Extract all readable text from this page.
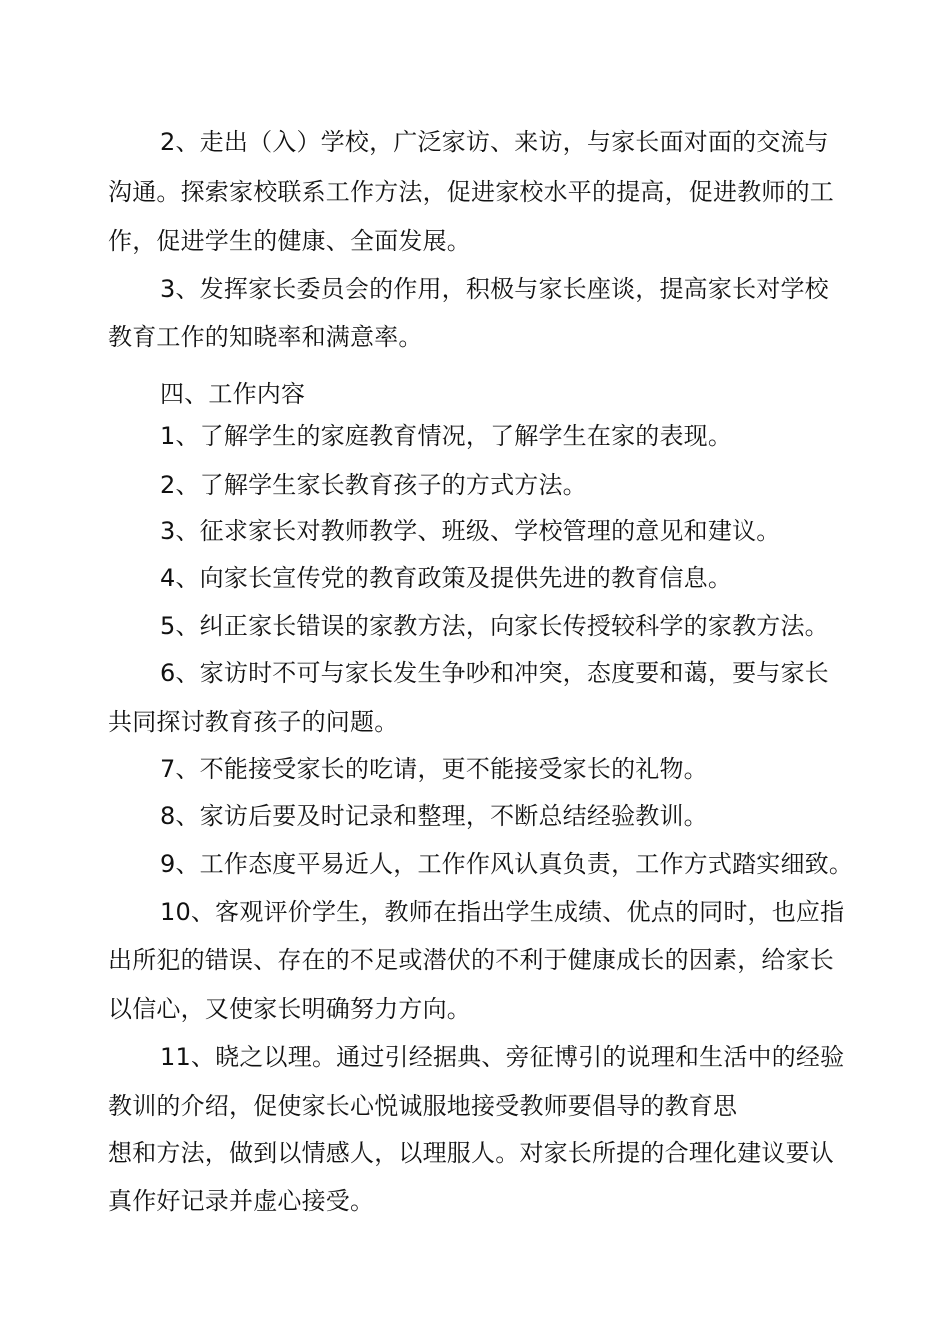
2、走出（入）学校，广泛家访、来访，与家长面对面的交流与
沟通。探索家校联系工作方法，促进家校水平的提高，促进教师的工
作，促进学生的健康、全面发展。
3、发挥家长委员会的作用，积极与家长座谈，提高家长对学校
教育工作的知晓率和满意率。
四、工作内容
1、了解学生的家庭教育情况，了解学生在家的表现。
2、了解学生家长教育孩子的方式方法。
3、征求家长对教师教学、班级、学校管理的意见和建议。
4、向家长宣传党的教育政策及提供先进的教育信息。
5、纠正家长错误的家教方法，向家长传授较科学的家教方法。
6、家访时不可与家长发生争吵和冲突，态度要和蔼，要与家长
共同探讨教育孩子的问题。
7、不能接受家长的吃请，更不能接受家长的礼物。
8、家访后要及时记录和整理，不断总结经验教训。
9、工作态度平易近人，工作作风认真负责，工作方式踏实细致。
10、客观评价学生，教师在指出学生成绩、优点的同时，也应指
出所犯的错误、存在的不足或潜伏的不利于健康成长的因素，给家长
以信心，又使家长明确努力方向。
11、晓之以理。通过引经据典、旁征博引的说理和生活中的经验
教训的介绍，促使家长心悦诚服地接受教师要倡导的教育思
想和方法，做到以情感人，以理服人。对家长所提的合理化建议要认
真作好记录并虚心接受。
